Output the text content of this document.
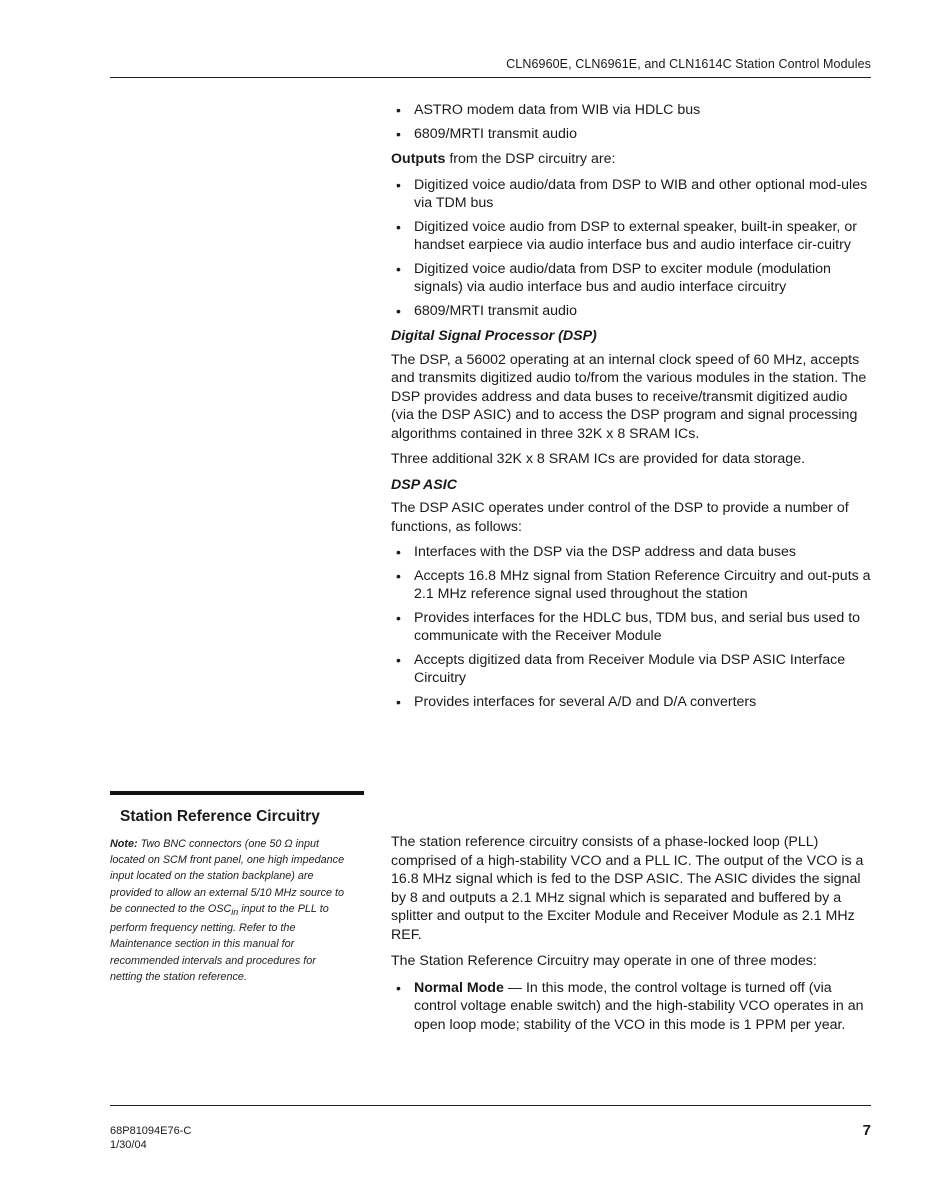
CLN6960E, CLN6961E, and CLN1614C Station Control Modules
• ASTRO modem data from WIB via HDLC bus
• 6809/MRTI transmit audio

Outputs from the DSP circuitry are:

• Digitized voice audio/data from DSP to WIB and other optional mod-ules via TDM bus
• Digitized voice audio from DSP to external speaker, built-in speaker, or handset earpiece via audio interface bus and audio interface cir-cuitry
• Digitized voice audio/data from DSP to exciter module (modulation signals) via audio interface bus and audio interface circuitry
• 6809/MRTI transmit audio

Digital Signal Processor (DSP)

The DSP, a 56002 operating at an internal clock speed of 60 MHz, accepts and transmits digitized audio to/from the various modules in the station. The DSP provides address and data buses to receive/transmit digitized audio (via the DSP ASIC) and to access the DSP program and signal processing algorithms contained in three 32K x 8 SRAM ICs.

Three additional 32K x 8 SRAM ICs are provided for data storage.

DSP ASIC

The DSP ASIC operates under control of the DSP to provide a number of functions, as follows:

• Interfaces with the DSP via the DSP address and data buses
• Accepts 16.8 MHz signal from Station Reference Circuitry and out-puts a 2.1 MHz reference signal used throughout the station
• Provides interfaces for the HDLC bus, TDM bus, and serial bus used to communicate with the Receiver Module
• Accepts digitized data from Receiver Module via DSP ASIC Interface Circuitry
• Provides interfaces for several A/D and D/A converters
Station Reference Circuitry
Note: Two BNC connectors (one 50 Ω input located on SCM front panel, one high impedance input located on the station backplane) are provided to allow an external 5/10 MHz source to be connected to the $OSC_{in}$ input to the PLL to perform frequency netting. Refer to the Maintenance section in this manual for recommended intervals and procedures for netting the station reference.

The station reference circuitry consists of a phase-locked loop (PLL) comprised of a high-stability VCO and a PLL IC. The output of the VCO is a 16.8 MHz signal which is fed to the DSP ASIC. The ASIC divides the signal by 8 and outputs a 2.1 MHz signal which is separated and buffered by a splitter and output to the Exciter Module and Receiver Module as 2.1 MHz REF.

The Station Reference Circuitry may operate in one of three modes:

• Normal Mode — In this mode, the control voltage is turned off (via control voltage enable switch) and the high-stability VCO operates in an open loop mode; stability of the VCO in this mode is 1 PPM per year.
68P81094E76-C
1/30/04
7
